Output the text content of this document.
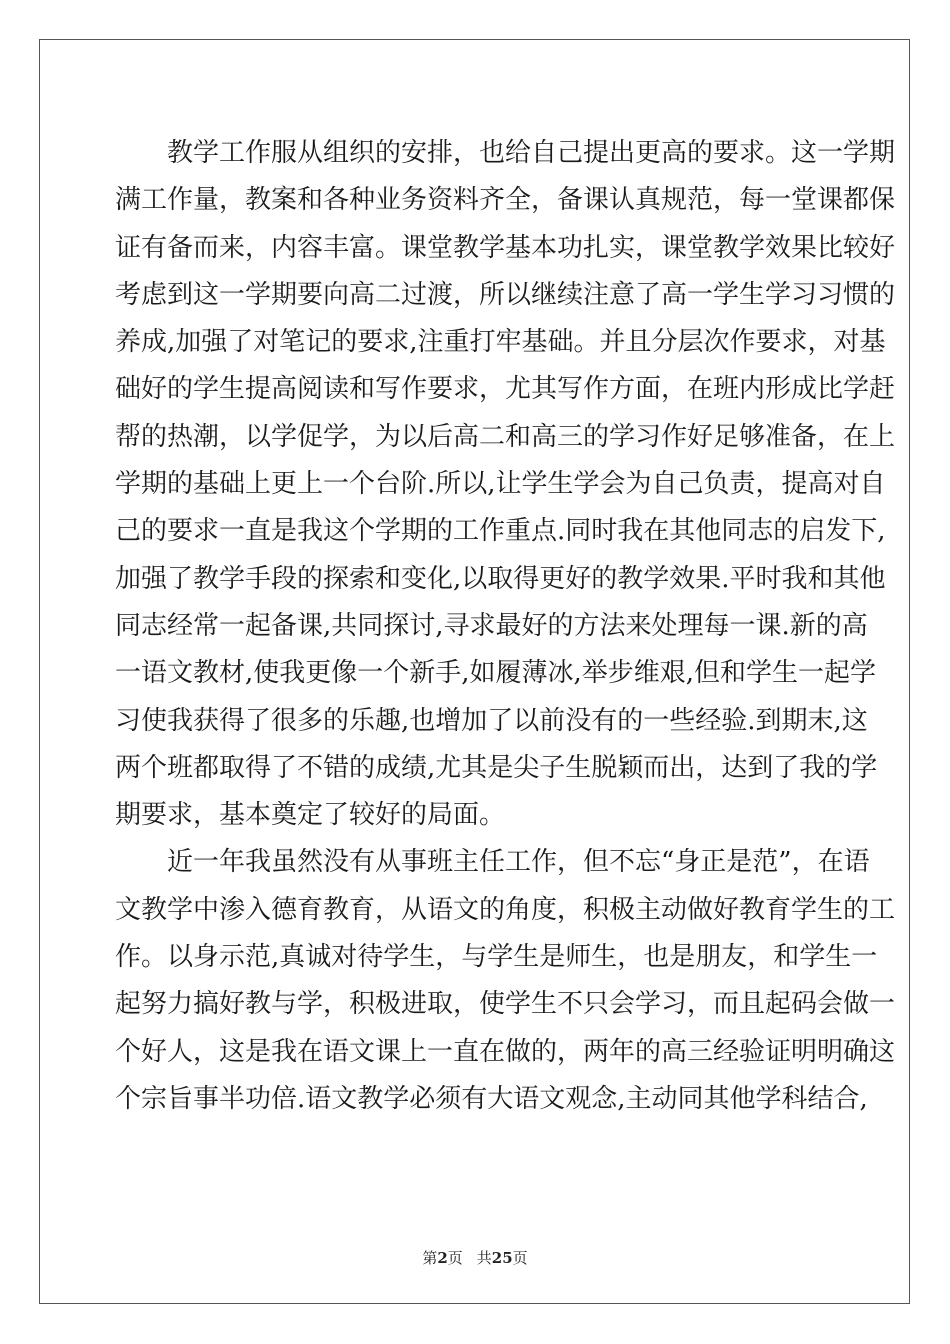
教学工作服从组织的安排，也给自己提出更高的要求。这一学期
满工作量，教案和各种业务资料齐全，备课认真规范，每一堂课都保
证有备而来，内容丰富。课堂教学基本功扎实，课堂教学效果比较好
考虑到这一学期要向高二过渡，所以继续注意了高一学生学习习惯的
养成,加强了对笔记的要求,注重打牢基础。并且分层次作要求，对基
础好的学生提高阅读和写作要求，尤其写作方面，在班内形成比学赶
帮的热潮，以学促学，为以后高二和高三的学习作好足够准备，在上
学期的基础上更上一个台阶.所以,让学生学会为自己负责，提高对自
己的要求一直是我这个学期的工作重点.同时我在其他同志的启发下,
加强了教学手段的探索和变化,以取得更好的教学效果.平时我和其他
同志经常一起备课,共同探讨,寻求最好的方法来处理每一课.新的高
一语文教材,使我更像一个新手,如履薄冰,举步维艰,但和学生一起学
习使我获得了很多的乐趣,也增加了以前没有的一些经验.到期末,这
两个班都取得了不错的成绩,尤其是尖子生脱颖而出，达到了我的学
期要求，基本奠定了较好的局面。
近一年我虽然没有从事班主任工作，但不忘“身正是范”，在语
文教学中渗入德育教育，从语文的角度，积极主动做好教育学生的工
作。以身示范,真诚对待学生，与学生是师生，也是朋友，和学生一
起努力搞好教与学，积极进取，使学生不只会学习，而且起码会做一
个好人，这是我在语文课上一直在做的，两年的高三经验证明明确这
个宗旨事半功倍.语文教学必须有大语文观念,主动同其他学科结合,
第2页 共25页
